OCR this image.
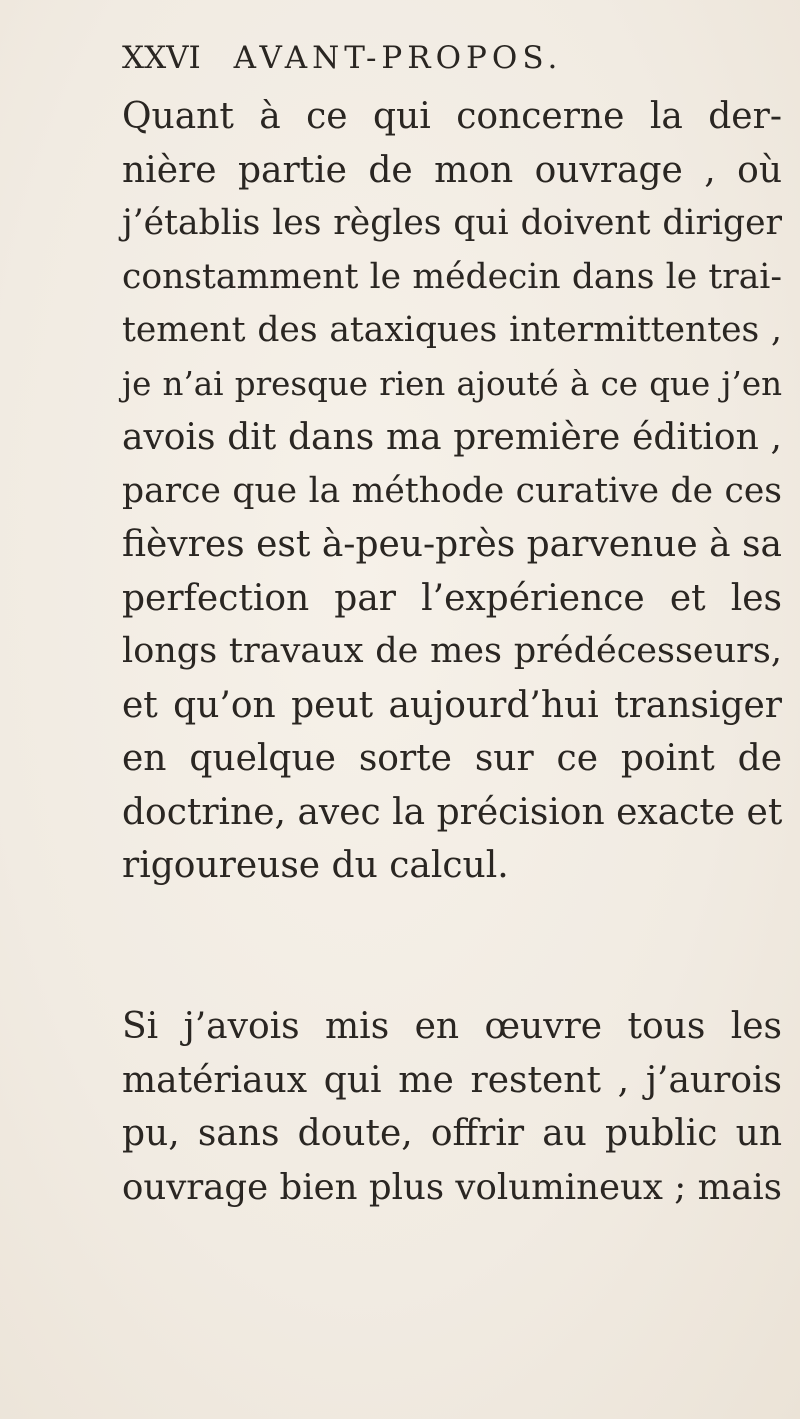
XXVI AVANT-PROPOS.
Quant à ce qui concerne la der-
nière partie de mon ouvrage , où
j’établis les règles qui doivent diriger
constamment le médecin dans le trai-
tement des ataxiques intermittentes ,
je n’ai presque rien ajouté à ce que j’en
avois dit dans ma première édition ,
parce que la méthode curative de ces
fièvres est à-peu-près parvenue à sa
perfection par l’expérience et les
longs travaux de mes prédécesseurs,
et qu’on peut aujourd’hui transiger
en quelque sorte sur ce point de
doctrine, avec la précision exacte et
rigoureuse du calcul.
Si j’avois mis en œuvre tous les
matériaux qui me restent , j’aurois
pu, sans doute, offrir au public un
ouvrage bien plus volumineux ; mais
